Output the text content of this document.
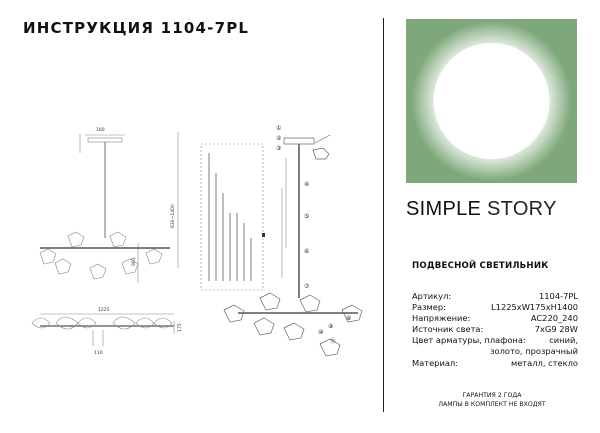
ИНСТРУКЦИЯ 1104-7PL
160
630~1400
903
1225
175
110
①
②
③
④
⑤
⑥
⑦
⑧
⑨
⑩
⑪
SIMPLE STORY
ПОДВЕСНОЙ СВЕТИЛЬНИК
Артикул:	1104-7PL
Размер:	L1225xW175xH1400
Напряжение:	AC220_240
Источник света:	7xG9 28W
Цвет арматуры, плафона:	синий,
золото, прозрачный
Материал:	металл, стекло
ГАРАНТИЯ 2 ГОДА
ЛАМПЫ В КОМПЛЕКТ НЕ ВХОДЯТ
